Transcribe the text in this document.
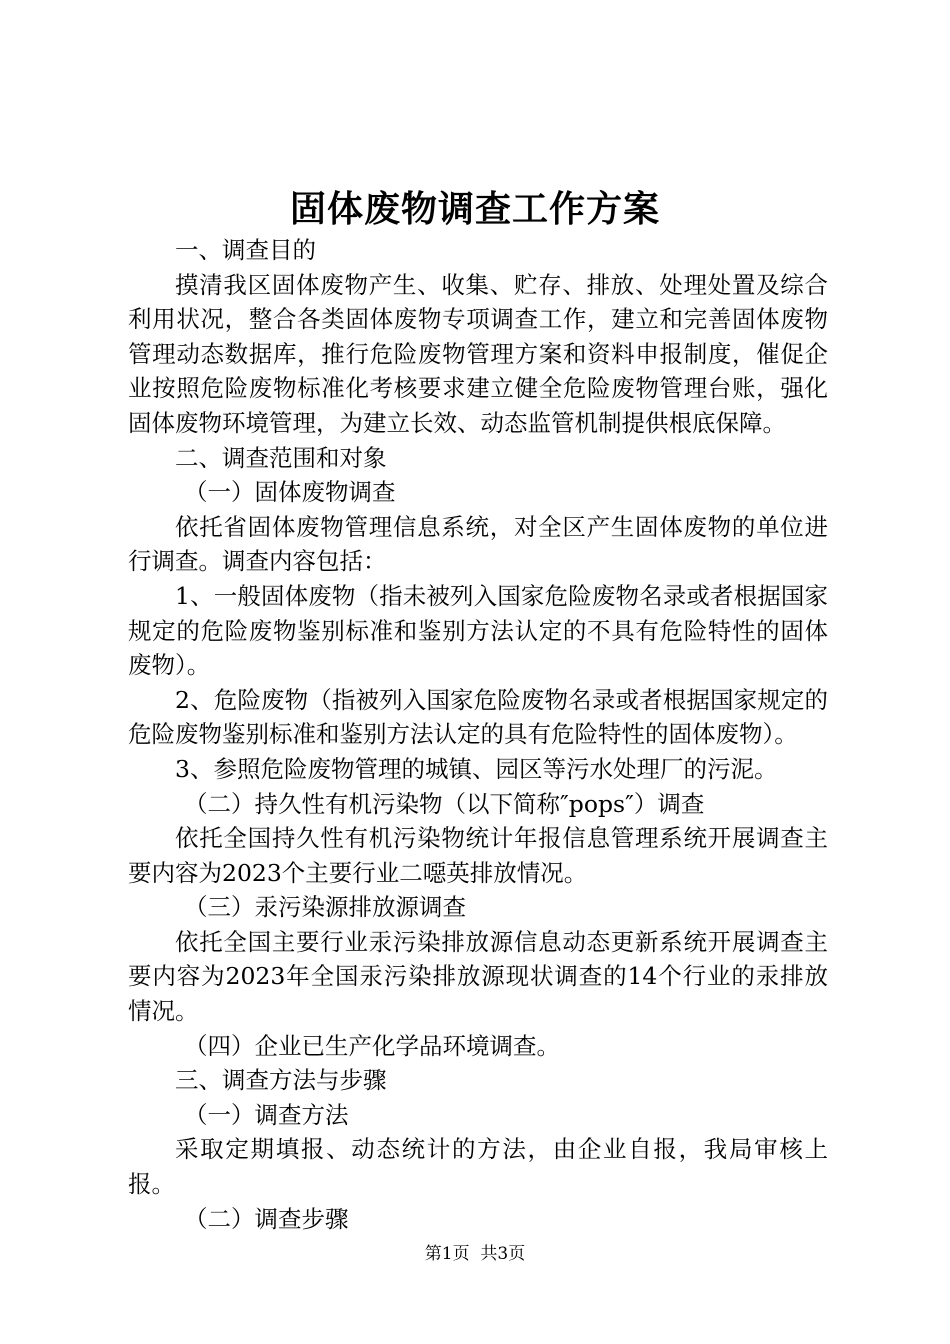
固体废物调查工作方案

一、调查目的

摸清我区固体废物产生、收集、贮存、排放、处理处置及综合利用状况，整合各类固体废物专项调查工作，建立和完善固体废物管理动态数据库，推行危险废物管理方案和资料申报制度，催促企业按照危险废物标准化考核要求建立健全危险废物管理台账，强化固体废物环境管理，为建立长效、动态监管机制提供根底保障。

二、调查范围和对象

（一）固体废物调查

依托省固体废物管理信息系统，对全区产生固体废物的单位进行调查。调查内容包括：

1、一般固体废物（指未被列入国家危险废物名录或者根据国家规定的危险废物鉴别标准和鉴别方法认定的不具有危险特性的固体废物）。

2、危险废物（指被列入国家危险废物名录或者根据国家规定的危险废物鉴别标准和鉴别方法认定的具有危险特性的固体废物）。

3、参照危险废物管理的城镇、园区等污水处理厂的污泥。

（二）持久性有机污染物（以下简称″pops″）调查

依托全国持久性有机污染物统计年报信息管理系统开展调查主要内容为2023个主要行业二噁英排放情况。

（三）汞污染源排放源调查

依托全国主要行业汞污染排放源信息动态更新系统开展调查主要内容为2023年全国汞污染排放源现状调查的14个行业的汞排放情况。

（四）企业已生产化学品环境调查。

三、调查方法与步骤

（一）调查方法

采取定期填报、动态统计的方法，由企业自报，我局审核上报。

（二）调查步骤

第1页 共3页
